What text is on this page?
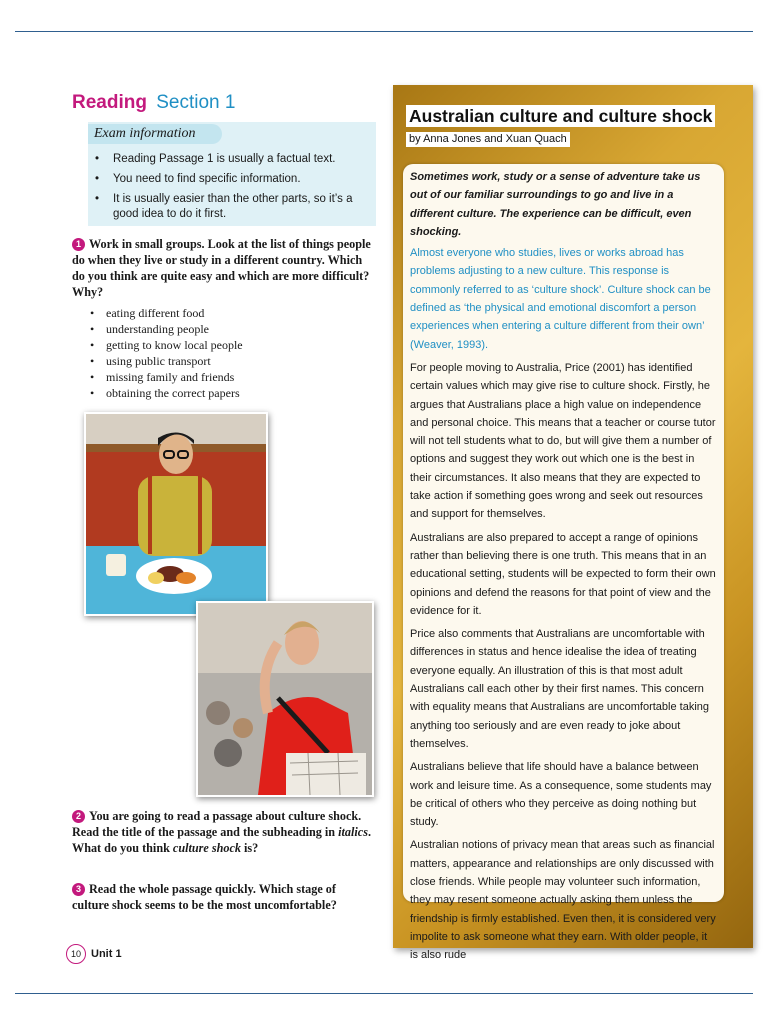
Reading Section 1
Exam information
• Reading Passage 1 is usually a factual text.
• You need to find specific information.
• It is usually easier than the other parts, so it’s a good idea to do it first.
1 Work in small groups. Look at the list of things people do when they live or study in a different country. Which do you think are quite easy and which are more difficult? Why?
• eating different food
• understanding people
• getting to know local people
• using public transport
• missing family and friends
• obtaining the correct papers
2 You are going to read a passage about culture shock. Read the title of the passage and the subheading in italics. What do you think culture shock is?
3 Read the whole passage quickly. Which stage of culture shock seems to be the most uncomfortable?
10 Unit 1
Australian culture and culture shock
by Anna Jones and Xuan Quach

Sometimes work, study or a sense of adventure take us out of our familiar surroundings to go and live in a different culture. The experience can be difficult, even shocking.

Almost everyone who studies, lives or works abroad has problems adjusting to a new culture. This response is commonly referred to as ‘culture shock’. Culture shock can be defined as ‘the physical and emotional discomfort a person experiences when entering a culture different from their own’ (Weaver, 1993).

For people moving to Australia, Price (2001) has identified certain values which may give rise to culture shock. Firstly, he argues that Australians place a high value on independence and personal choice. This means that a teacher or course tutor will not tell students what to do, but will give them a number of options and suggest they work out which one is the best in their circumstances. It also means that they are expected to take action if something goes wrong and seek out resources and support for themselves.

Australians are also prepared to accept a range of opinions rather than believing there is one truth. This means that in an educational setting, students will be expected to form their own opinions and defend the reasons for that point of view and the evidence for it.

Price also comments that Australians are uncomfortable with differences in status and hence idealise the idea of treating everyone equally. An illustration of this is that most adult Australians call each other by their first names. This concern with equality means that Australians are uncomfortable taking anything too seriously and are even ready to joke about themselves.

Australians believe that life should have a balance between work and leisure time. As a consequence, some students may be critical of others who they perceive as doing nothing but study.

Australian notions of privacy mean that areas such as financial matters, appearance and relationships are only discussed with close friends. While people may volunteer such information, they may resent someone actually asking them unless the friendship is firmly established. Even then, it is considered very impolite to ask someone what they earn. With older people, it is also rude
